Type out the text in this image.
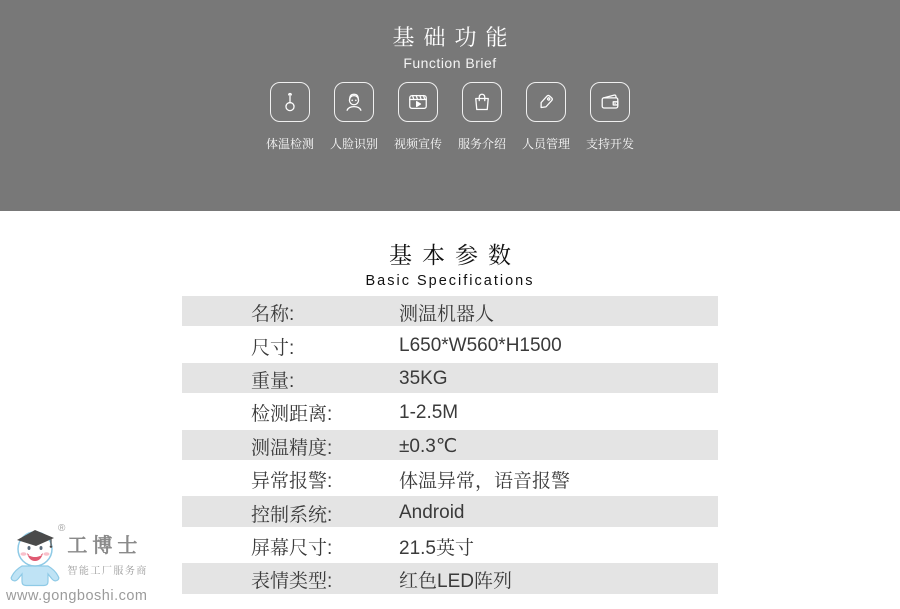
基础功能
Function Brief
体温检测 人脸识别 视频宣传 服务介绍 人员管理 支持开发
基本参数
Basic Specifications
名称:	测温机器人
尺寸:	L650*W560*H1500
重量:	35KG
检测距离:	1-2.5M
测温精度:	±0.3℃
异常报警:	体温异常，语音报警
控制系统:	Android
屏幕尺寸:	21.5英寸
表情类型:	红色LED阵列
®
工博士
智能工厂服务商
www.gongboshi.com
